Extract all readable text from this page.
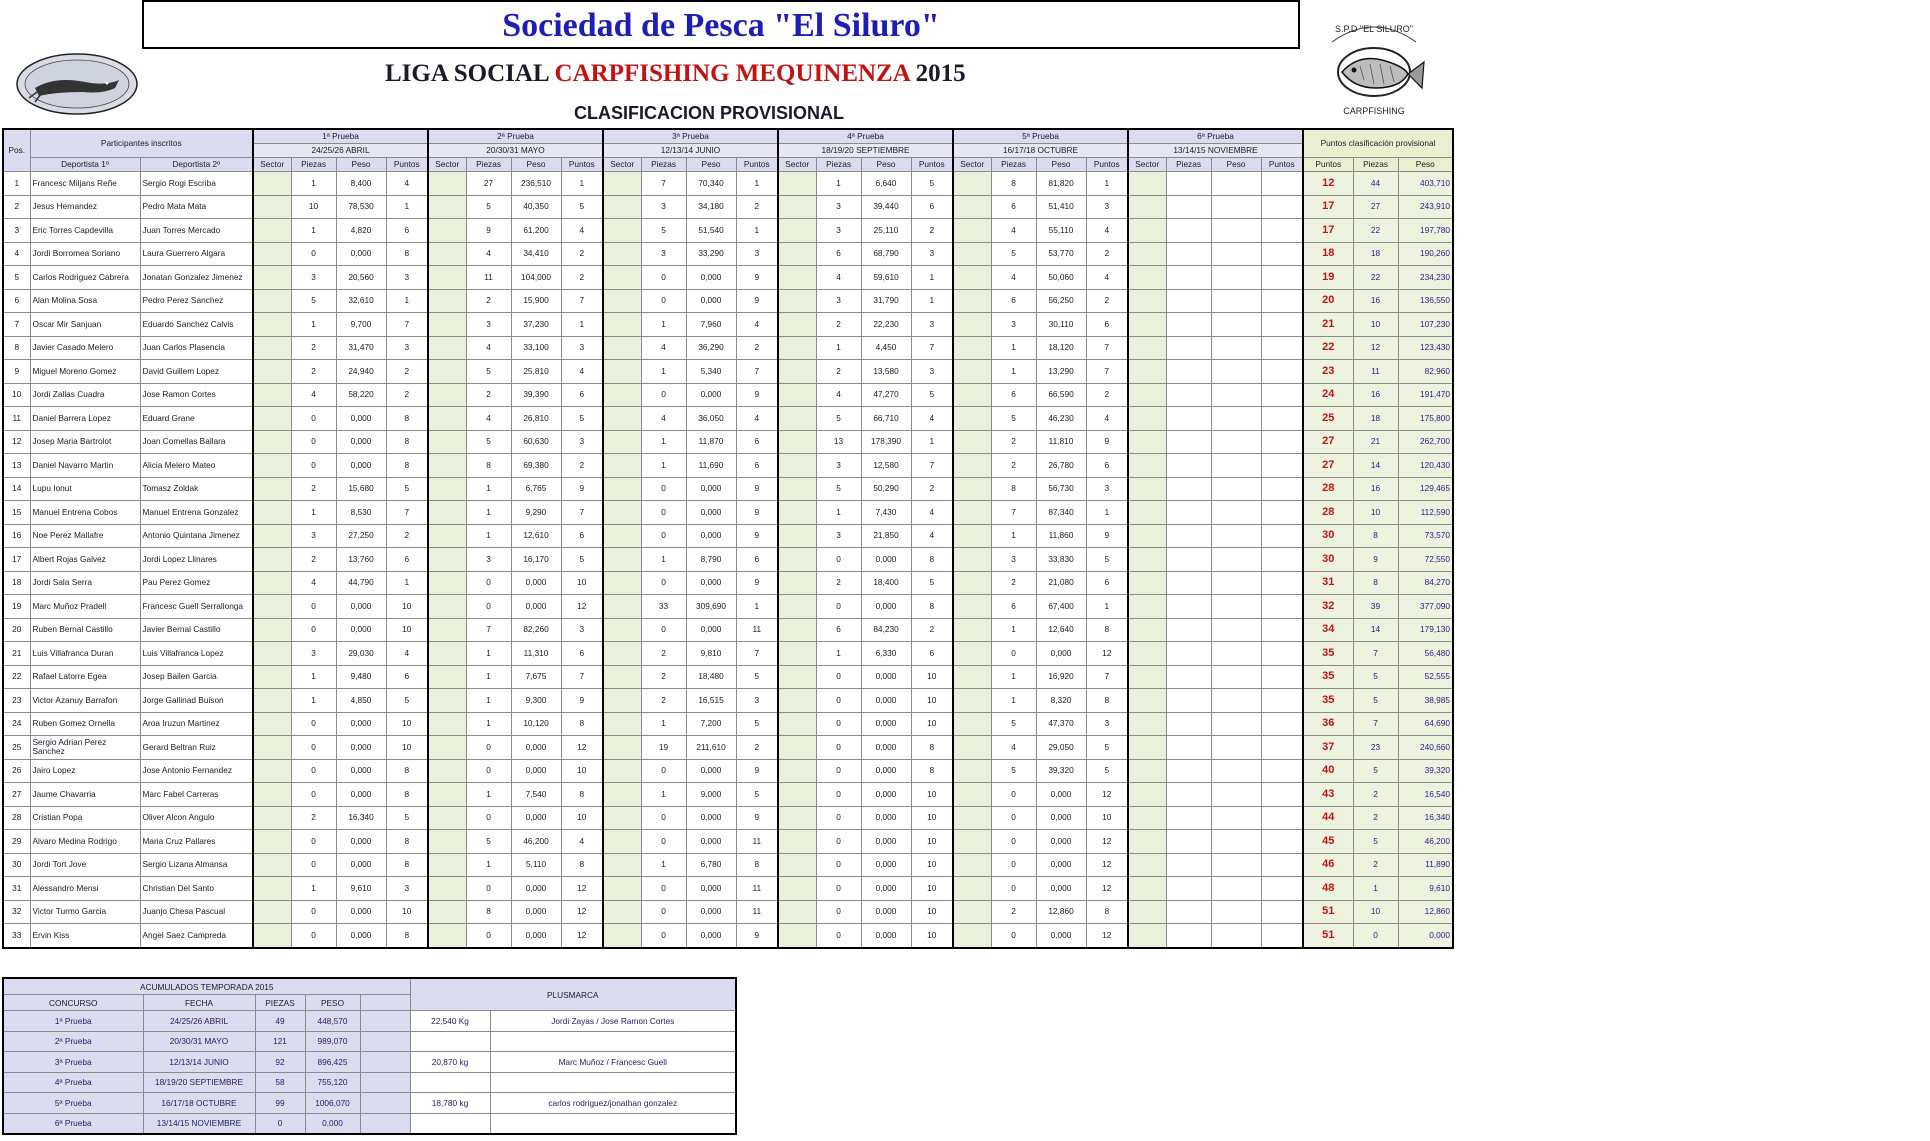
Sociedad de Pesca "El Siluro"	S.P.D "EL SILURO"
CARPFISHING
LIGA SOCIAL CARPFISHING MEQUINENZA 2015
CLASIFICACION PROVISIONAL
Pos.	Participantes inscritos		1ª Prueba				2ª Prueba				3ª Prueba				4ª Prueba				5ª Prueba				6ª Prueba				Puntos clasificación provisional		
			24/25/26 ABRIL				20/30/31 MAYO				12/13/14 JUNIO				18/19/20 SEPTIEMBRE				16/17/18 OCTUBRE				13/14/15 NOVIEMBRE						
	Deportista 1º	Deportista 2º	Sector	Piezas	Peso	Puntos	Sector	Piezas	Peso	Puntos	Sector	Piezas	Peso	Puntos	Sector	Piezas	Peso	Puntos	Sector	Piezas	Peso	Puntos	Sector	Piezas	Peso	Puntos	Puntos	Piezas	Peso
1	Francesc Miljans Reñe	Sergio Rogi Escriba		1	8,400	4		27	236,510	1		7	70,340	1		1	6,640	5		8	81,820	1					12	44	403,710
2	Jesus Hernandez	Pedro Mata Mata		10	78,530	1		5	40,350	5		3	34,180	2		3	39,440	6		6	51,410	3					17	27	243,910
3	Eric Torres Capdevilla	Juan Torres Mercado		1	4,820	6		9	61,200	4		5	51,540	1		3	25,110	2		4	55,110	4					17	22	197,780
4	Jordi Borromea Soriano	Laura Guerrero Algara		0	0,000	8		4	34,410	2		3	33,290	3		6	68,790	3		5	53,770	2					18	18	190,260
5	Carlos Rodriguez Cabrera	Jonatan Gonzalez Jimenez		3	20,560	3		11	104,000	2		0	0,000	9		4	59,610	1		4	50,060	4					19	22	234,230
6	Alan Molina Sosa	Pedro Perez Sanchez		5	32,610	1		2	15,900	7		0	0,000	9		3	31,790	1		6	56,250	2					20	16	136,550
7	Oscar Mir Sanjuan	Eduardo Sanchez Calvis		1	9,700	7		3	37,230	1		1	7,960	4		2	22,230	3		3	30,110	6					21	10	107,230
8	Javier Casado Melero	Juan Carlos Plasencia		2	31,470	3		4	33,100	3		4	36,290	2		1	4,450	7		1	18,120	7					22	12	123,430
9	Miguel Moreno Gomez	David Guillem Lopez		2	24,940	2		5	25,810	4		1	5,340	7		2	13,580	3		1	13,290	7					23	11	82,960
10	Jordi Zallas Cuadra	Jose Ramon Cortes		4	58,220	2		2	39,390	6		0	0,000	9		4	47,270	5		6	66,590	2					24	16	191,470
11	Daniel Barrera Lopez	Eduard Grane		0	0,000	8		4	26,810	5		4	36,050	4		5	66,710	4		5	46,230	4					25	18	175,800
12	Josep Maria Bartrolot	Joan Comellas Ballara		0	0,000	8		5	60,630	3		1	11,870	6		13	178,390	1		2	11,810	9					27	21	262,700
13	Daniel Navarro Martin	Alicia Melero Mateo		0	0,000	8		8	69,380	2		1	11,690	6		3	12,580	7		2	26,780	6					27	14	120,430
14	Lupu Ionut	Tomasz Zoldak		2	15,680	5		1	6,765	9		0	0,000	9		5	50,290	2		8	56,730	3					28	16	129,465
15	Manuel Entrena Cobos	Manuel Entrena Gonzalez		1	8,530	7		1	9,290	7		0	0,000	9		1	7,430	4		7	87,340	1					28	10	112,590
16	Noe Perez Mallafre	Antonio Quintana Jimenez		3	27,250	2		1	12,610	6		0	0,000	9		3	21,850	4		1	11,860	9					30	8	73,570
17	Albert Rojas Galvez	Jordi Lopez Llinares		2	13,760	6		3	16,170	5		1	8,790	6		0	0,000	8		3	33,830	5					30	9	72,550
18	Jordi Sala Serra	Pau Perez Gomez		4	44,790	1		0	0,000	10		0	0,000	9		2	18,400	5		2	21,080	6					31	8	84,270
19	Marc Muñoz Pradell	Francesc Guell Serrallonga		0	0,000	10		0	0,000	12		33	309,690	1		0	0,000	8		6	67,400	1					32	39	377,090
20	Ruben Bernal Castillo	Javier Bernal Castillo		0	0,000	10		7	82,260	3		0	0,000	11		6	84,230	2		1	12,640	8					34	14	179,130
21	Luis Villafranca Duran	Luis Villafranca Lopez		3	29,030	4		1	11,310	6		2	9,810	7		1	6,330	6		0	0,000	12					35	7	56,480
22	Rafael Latorre Egea	Josep Bailen Garcia		1	9,480	6		1	7,675	7		2	18,480	5		0	0,000	10		1	16,920	7					35	5	52,555
23	Victor Azanuy Barrafon	Jorge Gallinad Buison		1	4,850	5		1	9,300	9		2	16,515	3		0	0,000	10		1	8,320	8					35	5	38,985
24	Ruben Gomez Ornella	Aroa Iruzun Martinez		0	0,000	10		1	10,120	8		1	7,200	5		0	0,000	10		5	47,370	3					36	7	64,690
25	Sergio Adrian Perez Sanchez	Gerard Beltran Ruiz		0	0,000	10		0	0,000	12		19	211,610	2		0	0,000	8		4	29,050	5					37	23	240,660
26	Jairo Lopez	Jose Antonio Fernandez		0	0,000	8		0	0,000	10		0	0,000	9		0	0,000	8		5	39,320	5					40	5	39,320
27	Jaume Chavarria	Marc Fabel Carreras		0	0,000	8		1	7,540	8		1	9,000	5		0	0,000	10		0	0,000	12					43	2	16,540
28	Cristian Popa	Oliver Alcon Angulo		2	16,340	5		0	0,000	10		0	0,000	9		0	0,000	10		0	0,000	10					44	2	16,340
29	Alvaro Medina Rodrigo	Maria Cruz Pallares		0	0,000	8		5	46,200	4		0	0,000	11		0	0,000	10		0	0,000	12					45	5	46,200
30	Jordi Tort Jove	Sergio Lizana Almansa		0	0,000	8		1	5,110	8		1	6,780	8		0	0,000	10		0	0,000	12					46	2	11,890
31	Alessandro Mensi	Christian Del Santo		1	9,610	3		0	0,000	12		0	0,000	11		0	0,000	10		0	0,000	12					48	1	9,610
32	Victor Turmo Garcia	Juanjo Chesa Pascual		0	0,000	10		8	0,000	12		0	0,000	11		0	0,000	10		2	12,860	8					51	10	12,860
33	Ervin Kiss	Angel Saez Campreda		0	0,000	8		0	0,000	12		0	0,000	9		0	0,000	10		0	0,000	12					51	0	0,000
ACUMULADOS TEMPORADA 2015					PLUSMARCA	
CONCURSO	FECHA	PIEZAS	PESO			
1ª Prueba	24/25/26 ABRIL	49	448,570		22,540 Kg	Jordi Zayas / Jose Ramon Cortes
2ª Prueba	20/30/31 MAYO	121	989,070			
3ª Prueba	12/13/14 JUNIO	92	896,425		20,870 kg	Marc Muñoz / Francesc Guell
4ª Prueba	18/19/20 SEPTIEMBRE	58	755,120			
5ª Prueba	16/17/18 OCTUBRE	99	1006,070		18,780 kg	carlos rodriguez/jonathan gonzalez
6ª Prueba	13/14/15 NOVIEMBRE	0	0,000			
